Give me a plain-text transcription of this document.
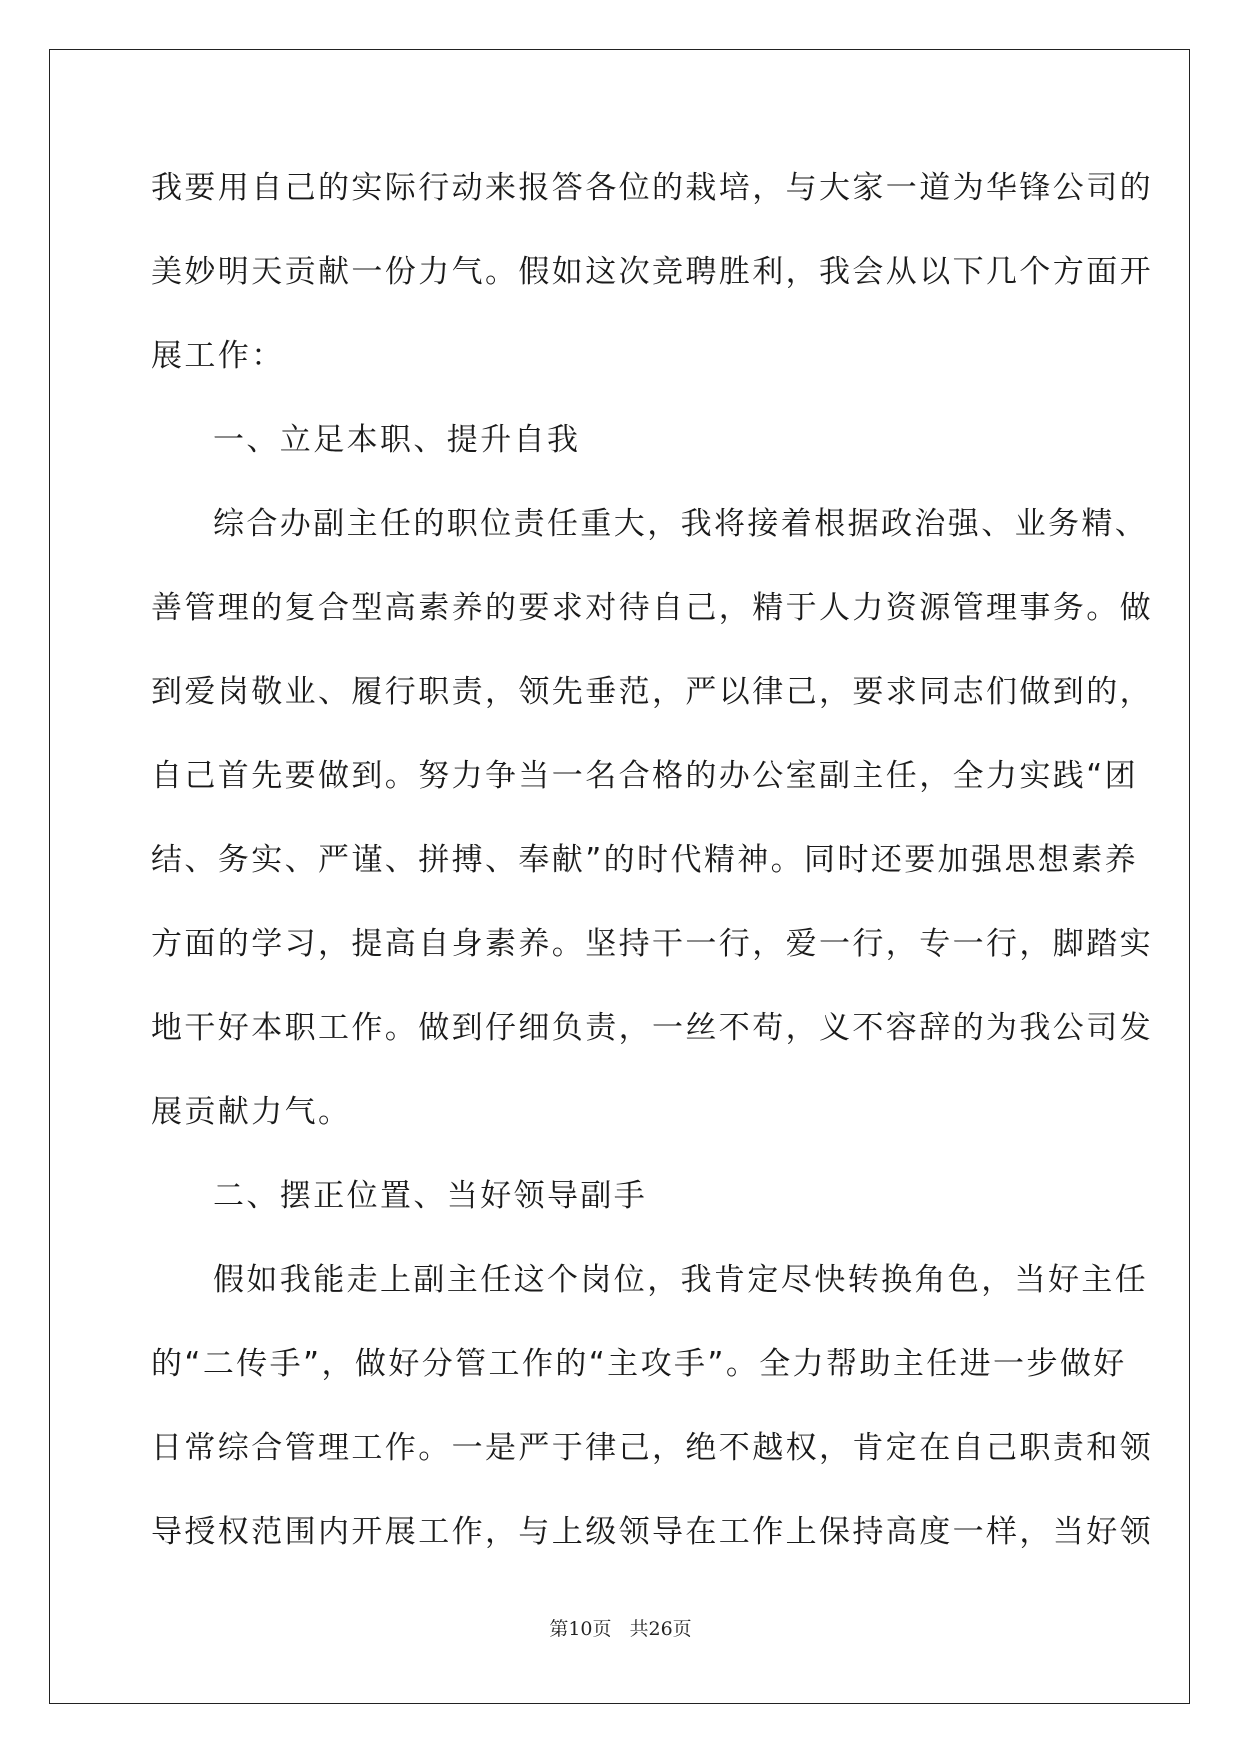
我要用自己的实际行动来报答各位的栽培，与大家一道为华锋公司的
美妙明天贡献一份力气。假如这次竞聘胜利，我会从以下几个方面开
展工作：
一、立足本职、提升自我
综合办副主任的职位责任重大，我将接着根据政治强、业务精、
善管理的复合型高素养的要求对待自己，精于人力资源管理事务。做
到爱岗敬业、履行职责，领先垂范，严以律己，要求同志们做到的，
自己首先要做到。努力争当一名合格的办公室副主任，全力实践“团
结、务实、严谨、拼搏、奉献”的时代精神。同时还要加强思想素养
方面的学习，提高自身素养。坚持干一行，爱一行，专一行，脚踏实
地干好本职工作。做到仔细负责，一丝不苟，义不容辞的为我公司发
展贡献力气。
二、摆正位置、当好领导副手
假如我能走上副主任这个岗位，我肯定尽快转换角色，当好主任
的“二传手”，做好分管工作的“主攻手”。全力帮助主任进一步做好
日常综合管理工作。一是严于律己，绝不越权，肯定在自己职责和领
导授权范围内开展工作，与上级领导在工作上保持高度一样，当好领
第10页 共26页
